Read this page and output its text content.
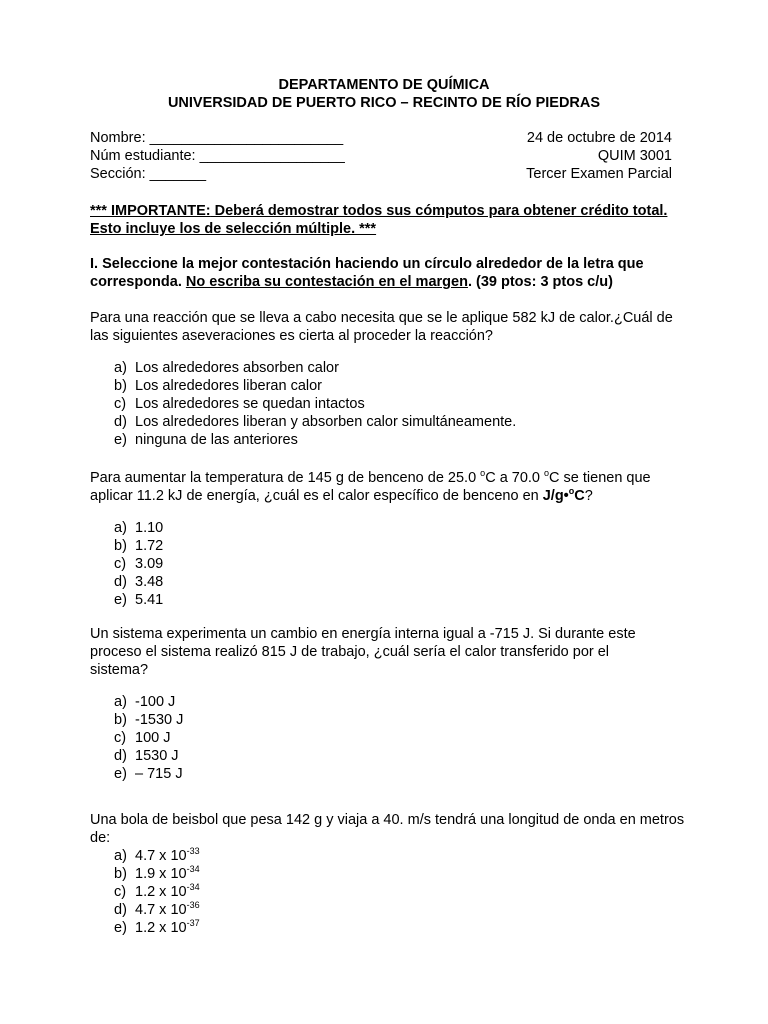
DEPARTAMENTO DE QUÍMICA
UNIVERSIDAD DE PUERTO RICO – RECINTO DE RÍO PIEDRAS
Nombre: ________________________
Núm estudiante: __________________
Sección: _______
24 de octubre de 2014
QUIM 3001
Tercer Examen Parcial
*** IMPORTANTE: Deberá demostrar todos sus cómputos para obtener crédito total.
Esto incluye los de selección múltiple. ***
I. Seleccione la mejor contestación haciendo un círculo alrededor de la letra que
corresponda. No escriba su contestación en el margen. (39 ptos: 3 ptos c/u)
Para una reacción que se lleva a cabo necesita que se le aplique 582 kJ de calor.¿Cuál de
las siguientes aseveraciones es cierta al proceder la reacción?
a) Los alrededores absorben calor
b) Los alrededores liberan calor
c) Los alrededores se quedan intactos
d) Los alrededores liberan y absorben calor simultáneamente.
e) ninguna de las anteriores
Para aumentar la temperatura de 145 g de benceno de 25.0 $^o$C a 70.0 $^o$C se tienen que
aplicar 11.2 kJ de energía, ¿cuál es el calor específico de benceno en J/g•$^o$C?
a) 1.10
b) 1.72
c) 3.09
d) 3.48
e) 5.41
Un sistema experimenta un cambio en energía interna igual a -715 J. Si durante este
proceso el sistema realizó 815 J de trabajo, ¿cuál sería el calor transferido por el
sistema?
a) -100 J
b) -1530 J
c) 100 J
d) 1530 J
e) – 715 J
Una bola de beisbol que pesa 142 g y viaja a 40. m/s tendrá una longitud de onda en metros
de:
a) 4.7 x $10^{-33}$
b) 1.9 x $10^{-34}$
c) 1.2 x $10^{-34}$
d) 4.7 x $10^{-36}$
e) 1.2 x $10^{-37}$
